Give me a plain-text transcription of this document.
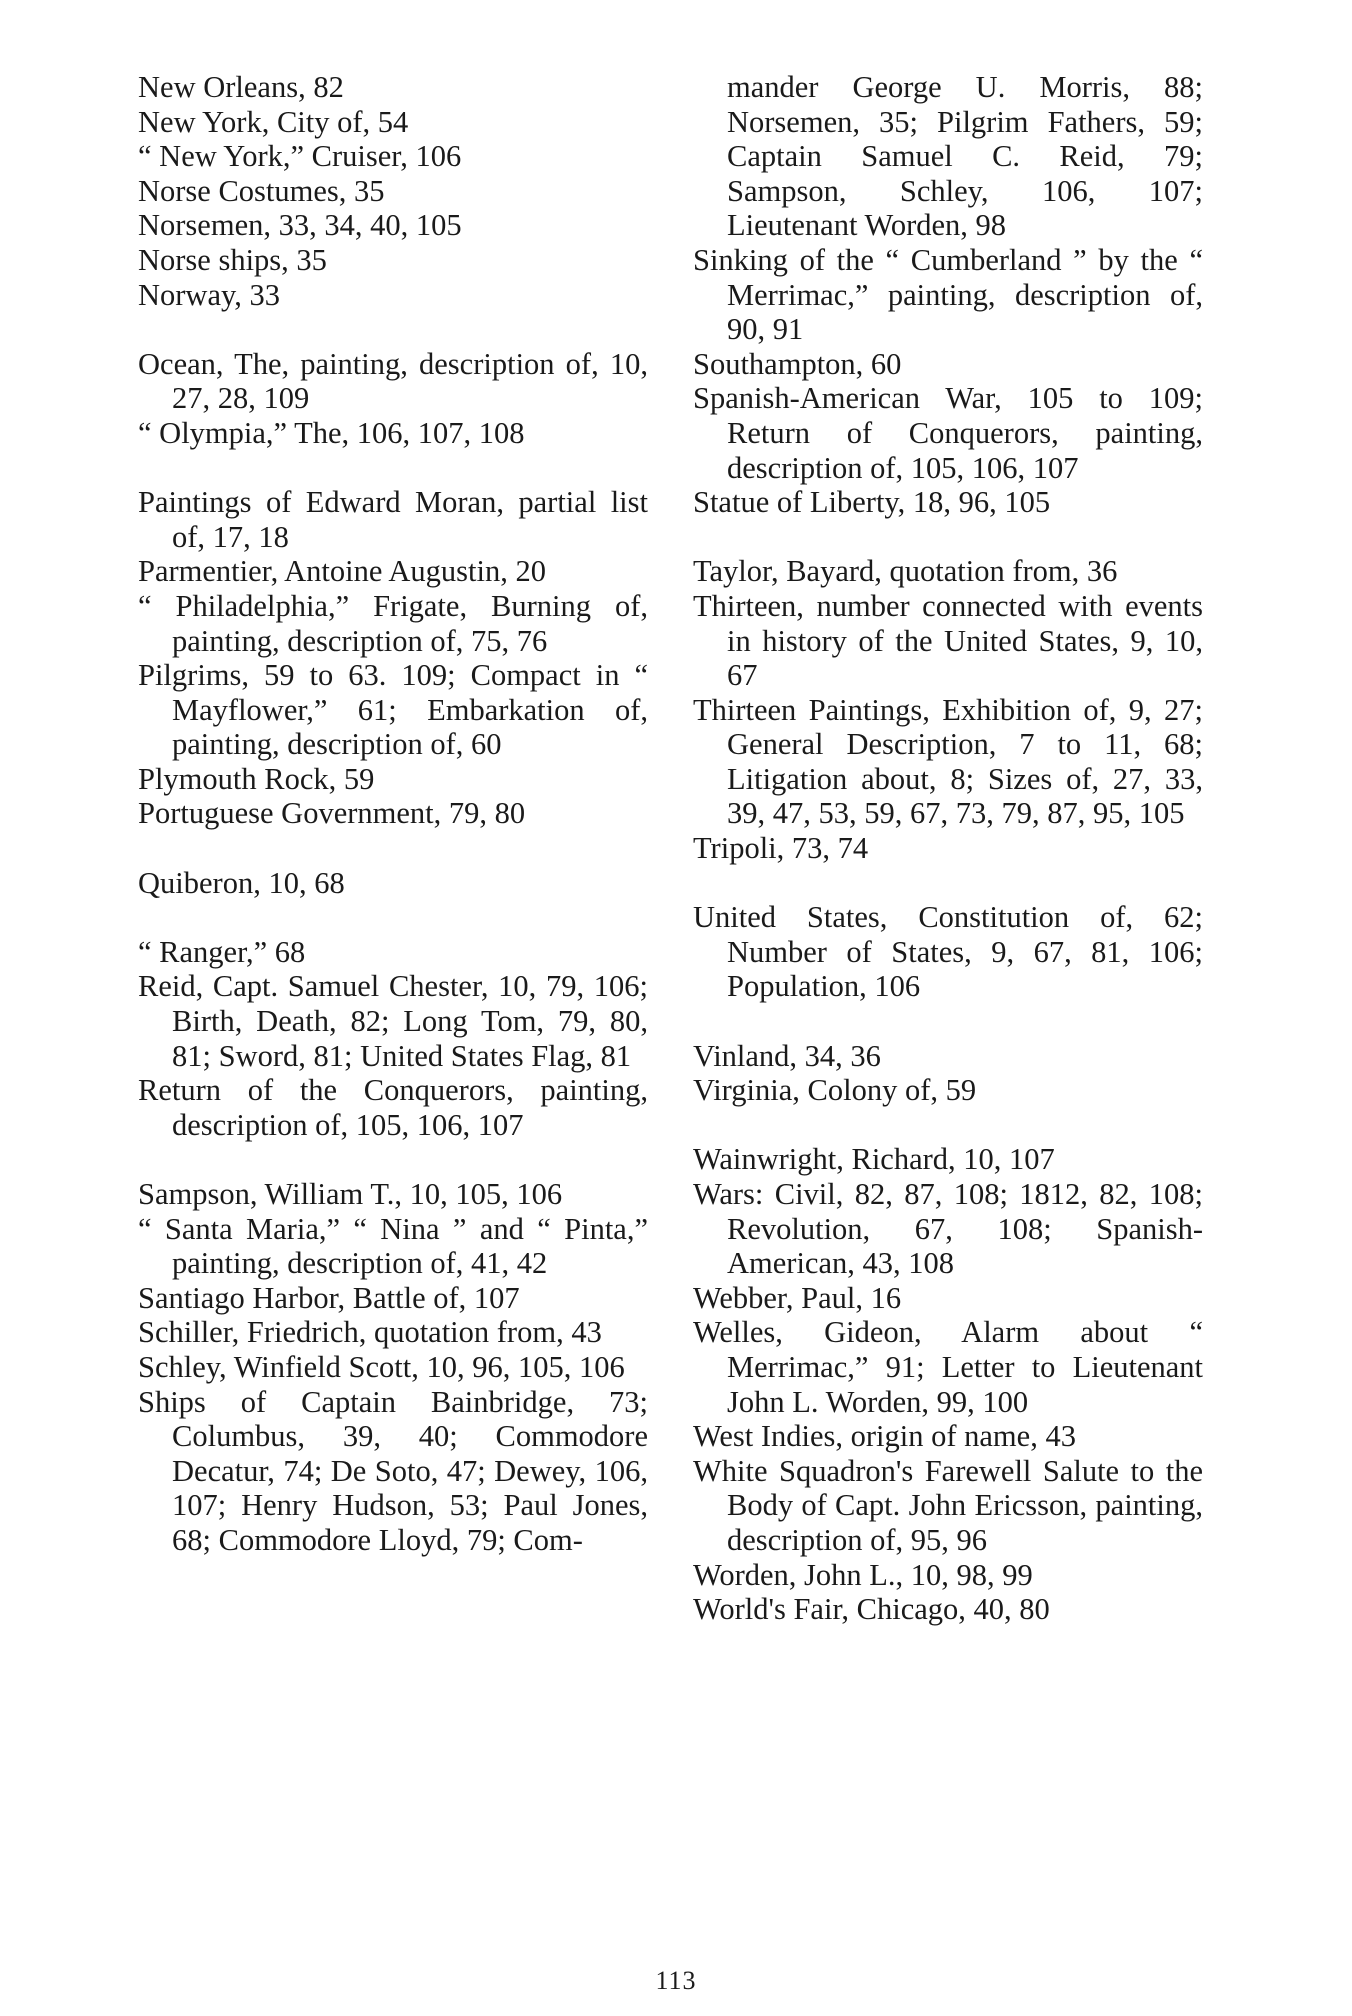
New Orleans, 82
New York, City of, 54
“ New York,” Cruiser, 106
Norse Costumes, 35
Norsemen, 33, 34, 40, 105
Norse ships, 35
Norway, 33
Ocean, The, painting, description of, 10, 27, 28, 109
“ Olympia,” The, 106, 107, 108
Paintings of Edward Moran, partial list of, 17, 18
Parmentier, Antoine Augustin, 20
“ Philadelphia,” Frigate, Burning of, painting, description of, 75, 76
Pilgrims, 59 to 63. 109; Compact in “ Mayflower,” 61; Embarkation of, painting, description of, 60
Plymouth Rock, 59
Portuguese Government, 79, 80
Quiberon, 10, 68
“ Ranger,” 68
Reid, Capt. Samuel Chester, 10, 79, 106; Birth, Death, 82; Long Tom, 79, 80, 81; Sword, 81; United States Flag, 81
Return of the Conquerors, painting, description of, 105, 106, 107
Sampson, William T., 10, 105, 106
“ Santa Maria,” “ Nina ” and “ Pinta,” painting, description of, 41, 42
Santiago Harbor, Battle of, 107
Schiller, Friedrich, quotation from, 43
Schley, Winfield Scott, 10, 96, 105, 106
Ships of Captain Bainbridge, 73; Columbus, 39, 40; Commodore Decatur, 74; De Soto, 47; Dewey, 106, 107; Henry Hudson, 53; Paul Jones, 68; Commodore Lloyd, 79; Com-
mander George U. Morris, 88; Norsemen, 35; Pilgrim Fathers, 59; Captain Samuel C. Reid, 79; Sampson, Schley, 106, 107; Lieutenant Worden, 98
Sinking of the “ Cumberland ” by the “ Merrimac,” painting, description of, 90, 91
Southampton, 60
Spanish-American War, 105 to 109; Return of Conquerors, painting, description of, 105, 106, 107
Statue of Liberty, 18, 96, 105
Taylor, Bayard, quotation from, 36
Thirteen, number connected with events in history of the United States, 9, 10, 67
Thirteen Paintings, Exhibition of, 9, 27; General Description, 7 to 11, 68; Litigation about, 8; Sizes of, 27, 33, 39, 47, 53, 59, 67, 73, 79, 87, 95, 105
Tripoli, 73, 74
United States, Constitution of, 62; Number of States, 9, 67, 81, 106; Population, 106
Vinland, 34, 36
Virginia, Colony of, 59
Wainwright, Richard, 10, 107
Wars: Civil, 82, 87, 108; 1812, 82, 108; Revolution, 67, 108; Spanish-American, 43, 108
Webber, Paul, 16
Welles, Gideon, Alarm about “ Merrimac,” 91; Letter to Lieutenant John L. Worden, 99, 100
West Indies, origin of name, 43
White Squadron's Farewell Salute to the Body of Capt. John Ericsson, painting, description of, 95, 96
Worden, John L., 10, 98, 99
World's Fair, Chicago, 40, 80
113
